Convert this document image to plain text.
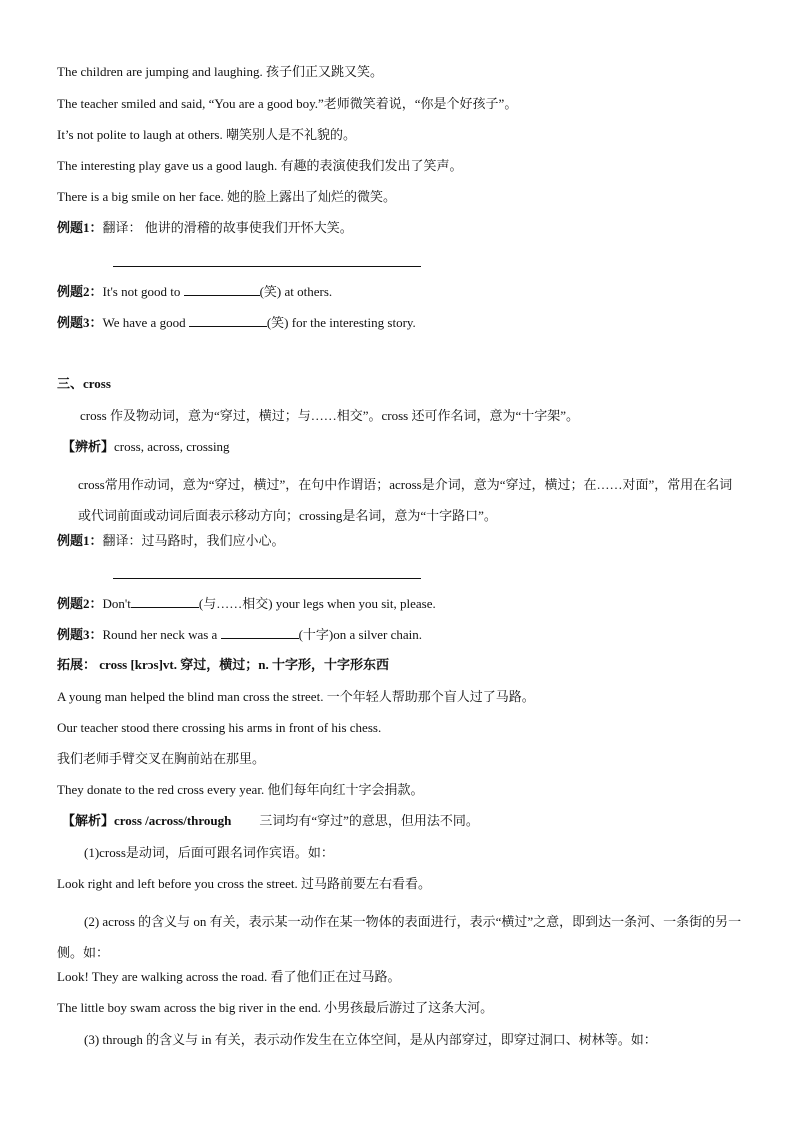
The children are jumping and laughing. 孩子们正又跳又笑。
The teacher smiled and said, “You are a good boy.”老师微笑着说，“你是个好孩子”。
It’s not polite to laugh at others. 嘲笑别人是不礼貌的。
The interesting play gave us a good laugh. 有趣的表演使我们发出了笑声。
There is a big smile on her face. 她的脸上露出了灿烂的微笑。
例题1：翻译： 他讲的滑稽的故事使我们开怀大笑。
例题2：It's not good to	(笑) at others.
例题3：We have a good	(笑) for the interesting story.
三、cross
cross 作及物动词，意为“穿过，横过；与……相交”。cross 还可作名词，意为“十字架”。
【辨析】cross, across, crossing
cross常用作动词，意为“穿过，横过”，在句中作谓语；across是介词，意为“穿过，横过；在……对面”，常用在名词或代词前面或动词后面表示移动方向；crossing是名词，意为“十字路口”。
例题1：翻译：过马路时，我们应小心。
例题2：Don't	(与……相交) your legs when you sit, please.
例题3：Round her neck was a	(十字)on a silver chain.
拓展： cross [krɔs]vt. 穿过，横过；n. 十字形，十字形东西
A young man helped the blind man cross the street. 一个年轻人帮助那个盲人过了马路。
Our teacher stood there crossing his arms in front of his chess.
我们老师手臂交叉在胸前站在那里。
They donate to the red cross every year. 他们每年向红十字会捐款。
【解析】cross /across/through 三词均有“穿过”的意思，但用法不同。
(1)cross是动词，后面可跟名词作宾语。如：
Look right and left before you cross the street. 过马路前要左右看看。
(2) across 的含义与 on 有关，表示某一动作在某一物体的表面进行，表示“横过”之意，即到达一条河、一条街的另一侧。如：
Look! They are walking across the road. 看了他们正在过马路。
The little boy swam across the big river in the end. 小男孩最后游过了这条大河。
(3) through 的含义与 in 有关，表示动作发生在立体空间，是从内部穿过，即穿过洞口、树林等。如：
